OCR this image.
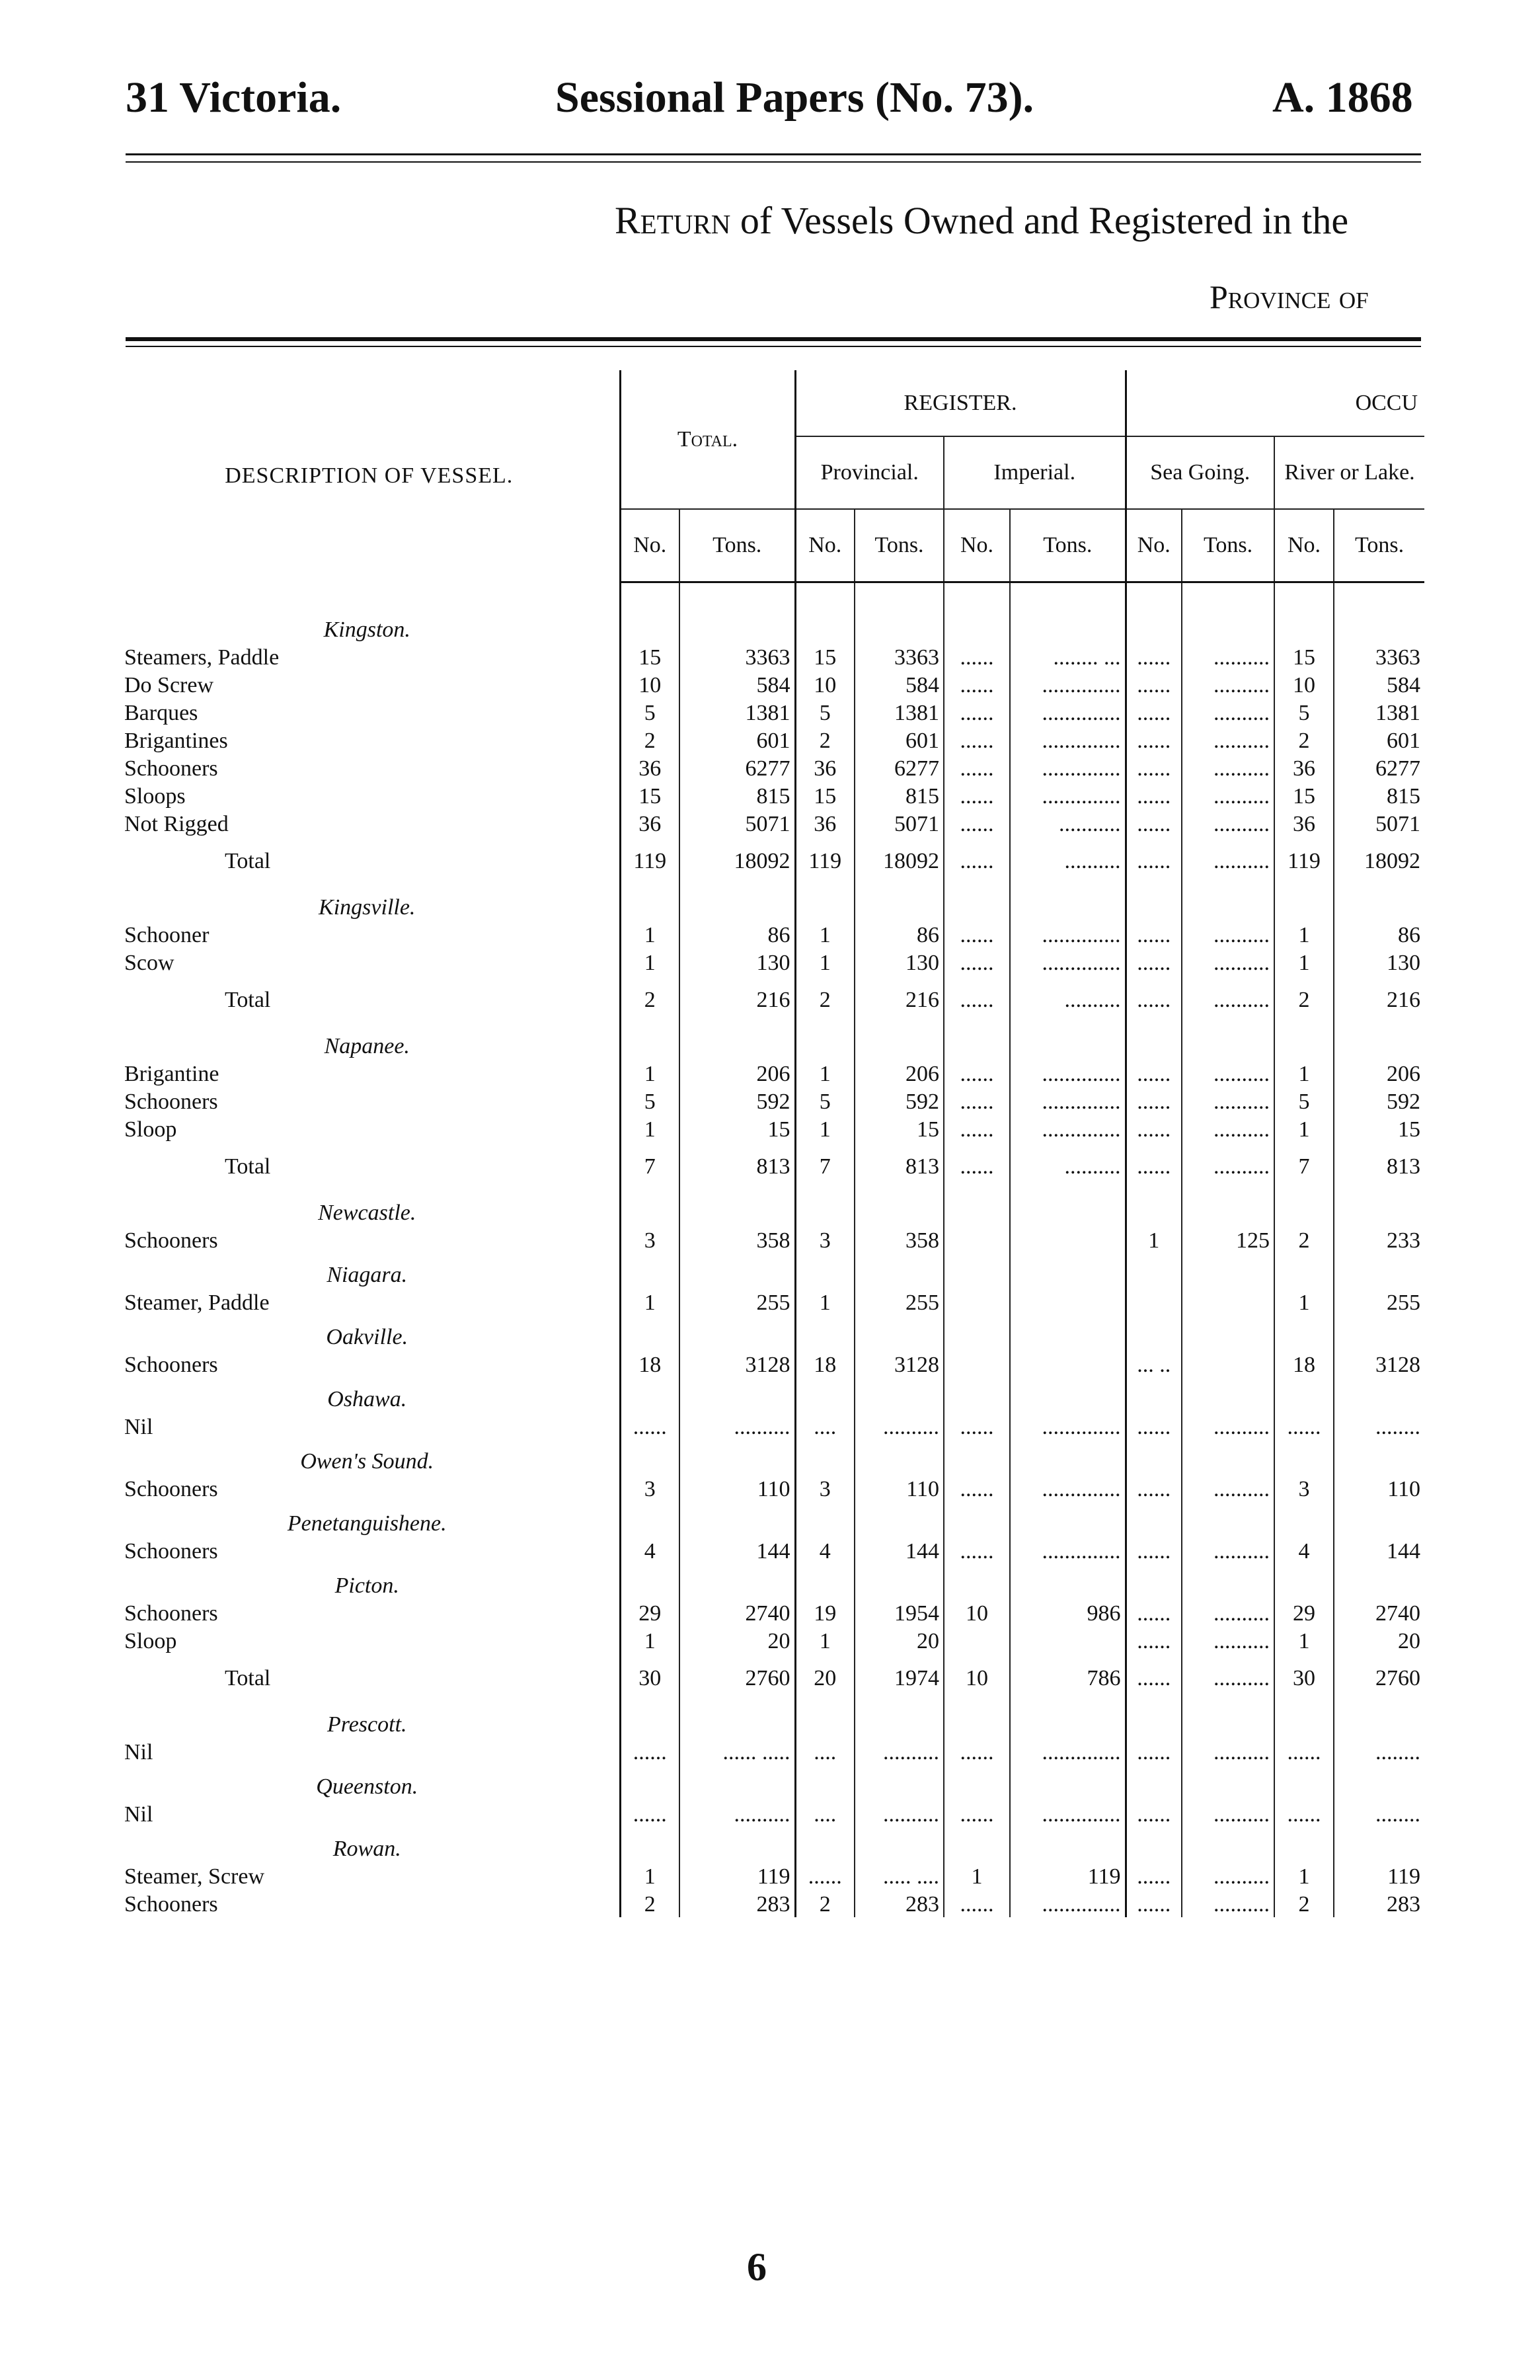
31 Victoria.	Sessional Papers (No. 73).	A. 1868
Return of Vessels Owned and Registered in the
Province of
DESCRIPTION OF VESSEL.	Total.		REGISTER.				OCCU			
			Provincial.		Imperial.		Sea Going.		River or Lake.	
	No.	Tons.	No.	Tons.	No.	Tons.	No.	Tons.	No.	Tons.

Kingston.										
Steamers, Paddle	15	3363	15	3363	......	........ ...	......	..........	15	3363
Do Screw	10	584	10	584	......	..............	......	..........	10	584
Barques	5	1381	5	1381	......	..............	......	..........	5	1381
Brigantines	2	601	2	601	......	..............	......	..........	2	601
Schooners	36	6277	36	6277	......	..............	......	..........	36	6277
Sloops	15	815	15	815	......	..............	......	..........	15	815
Not Rigged	36	5071	36	5071	......	...........	......	..........	36	5071
Total	119	18092	119	18092	......	..........	......	..........	119	18092
Kingsville.										
Schooner	1	86	1	86	......	..............	......	..........	1	86
Scow	1	130	1	130	......	..............	......	..........	1	130
Total	2	216	2	216	......	..........	......	..........	2	216
Napanee.										
Brigantine	1	206	1	206	......	..............	......	..........	1	206
Schooners	5	592	5	592	......	..............	......	..........	5	592
Sloop	1	15	1	15	......	..............	......	..........	1	15
Total	7	813	7	813	......	..........	......	..........	7	813
Newcastle.										
Schooners	3	358	3	358			1	125	2	233
Niagara.										
Steamer, Paddle	1	255	1	255					1	255
Oakville.										
Schooners	18	3128	18	3128			... ..		18	3128
Oshawa.										
Nil	......	..........	....	..........	......	..............	......	..........	......	........
Owen's Sound.										
Schooners	3	110	3	110	......	..............	......	..........	3	110
Penetanguishene.										
Schooners	4	144	4	144	......	..............	......	..........	4	144
Picton.										
Schooners	29	2740	19	1954	10	986	......	..........	29	2740
Sloop	1	20	1	20			......	..........	1	20
Total	30	2760	20	1974	10	786	......	..........	30	2760
Prescott.										
Nil	......	...... .....	....	..........	......	..............	......	..........	......	........
Queenston.										
Nil	......	..........	....	..........	......	..............	......	..........	......	........
Rowan.										
Steamer, Screw	1	119	......	..... ....	1	119	......	..........	1	119
Schooners	2	283	2	283	......	..............	......	..........	2	283
6
